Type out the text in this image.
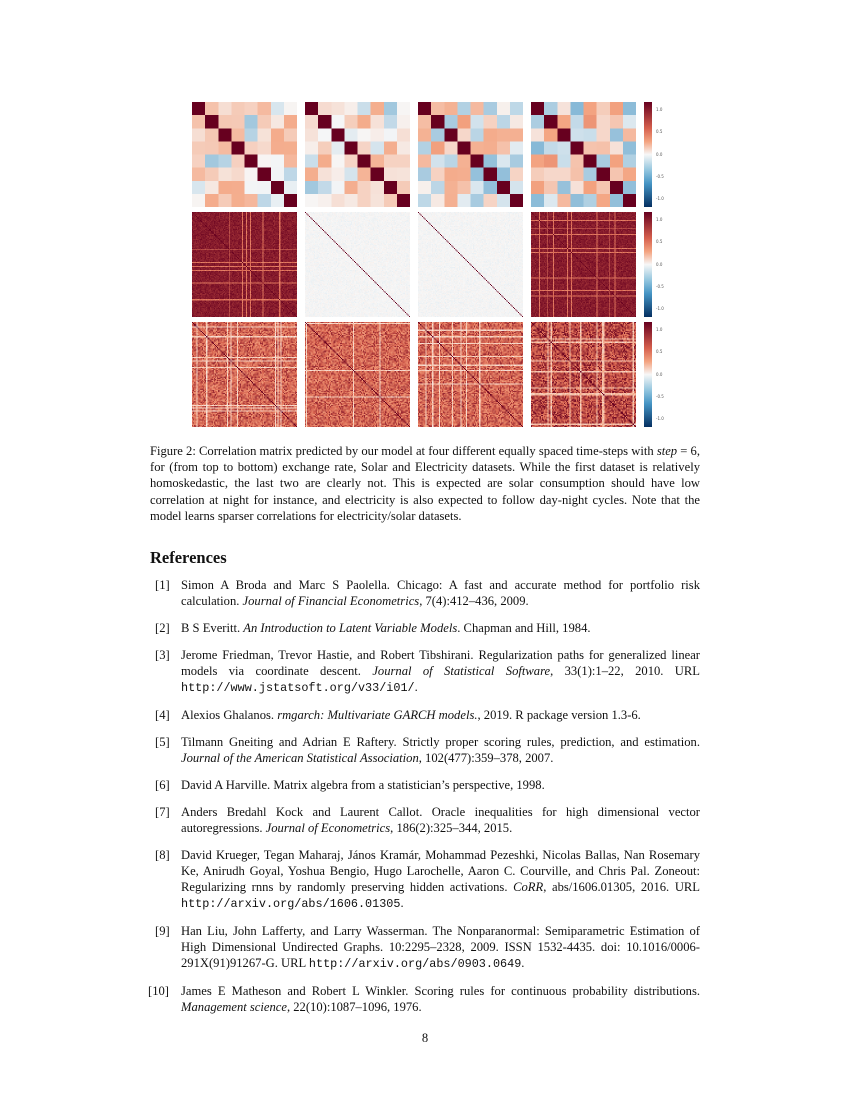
1.0
0.5
0.0
-0.5
-1.0
1.0
0.5
0.0
-0.5
-1.0
1.0
0.5
0.0
-0.5
-1.0

Figure 2: Correlation matrix predicted by our model at four different equally spaced time-steps with step = 6, for (from top to bottom) exchange rate, Solar and Electricity datasets. While the first dataset is relatively homoskedastic, the last two are clearly not. This is expected are solar consumption should have low correlation at night for instance, and electricity is also expected to follow day-night cycles. Note that the model learns sparser correlations for electricity/solar datasets.

References
[1] Simon A Broda and Marc S Paolella. Chicago: A fast and accurate method for portfolio risk calculation. Journal of Financial Econometrics, 7(4):412–436, 2009.
[2] B S Everitt. An Introduction to Latent Variable Models. Chapman and Hill, 1984.
[3] Jerome Friedman, Trevor Hastie, and Robert Tibshirani. Regularization paths for generalized linear models via coordinate descent. Journal of Statistical Software, 33(1):1–22, 2010. URL http://www.jstatsoft.org/v33/i01/.
[4] Alexios Ghalanos. rmgarch: Multivariate GARCH models., 2019. R package version 1.3-6.
[5] Tilmann Gneiting and Adrian E Raftery. Strictly proper scoring rules, prediction, and estimation. Journal of the American Statistical Association, 102(477):359–378, 2007.
[6] David A Harville. Matrix algebra from a statistician’s perspective, 1998.
[7] Anders Bredahl Kock and Laurent Callot. Oracle inequalities for high dimensional vector autoregressions. Journal of Econometrics, 186(2):325–344, 2015.
[8] David Krueger, Tegan Maharaj, János Kramár, Mohammad Pezeshki, Nicolas Ballas, Nan Rosemary Ke, Anirudh Goyal, Yoshua Bengio, Hugo Larochelle, Aaron C. Courville, and Chris Pal. Zoneout: Regularizing rnns by randomly preserving hidden activations. CoRR, abs/1606.01305, 2016. URL http://arxiv.org/abs/1606.01305.
[9] Han Liu, John Lafferty, and Larry Wasserman. The Nonparanormal: Semiparametric Estimation of High Dimensional Undirected Graphs. 10:2295–2328, 2009. ISSN 1532-4435. doi: 10.1016/0006-291X(91)91267-G. URL http://arxiv.org/abs/0903.0649.
[10] James E Matheson and Robert L Winkler. Scoring rules for continuous probability distributions. Management science, 22(10):1087–1096, 1976.

8
